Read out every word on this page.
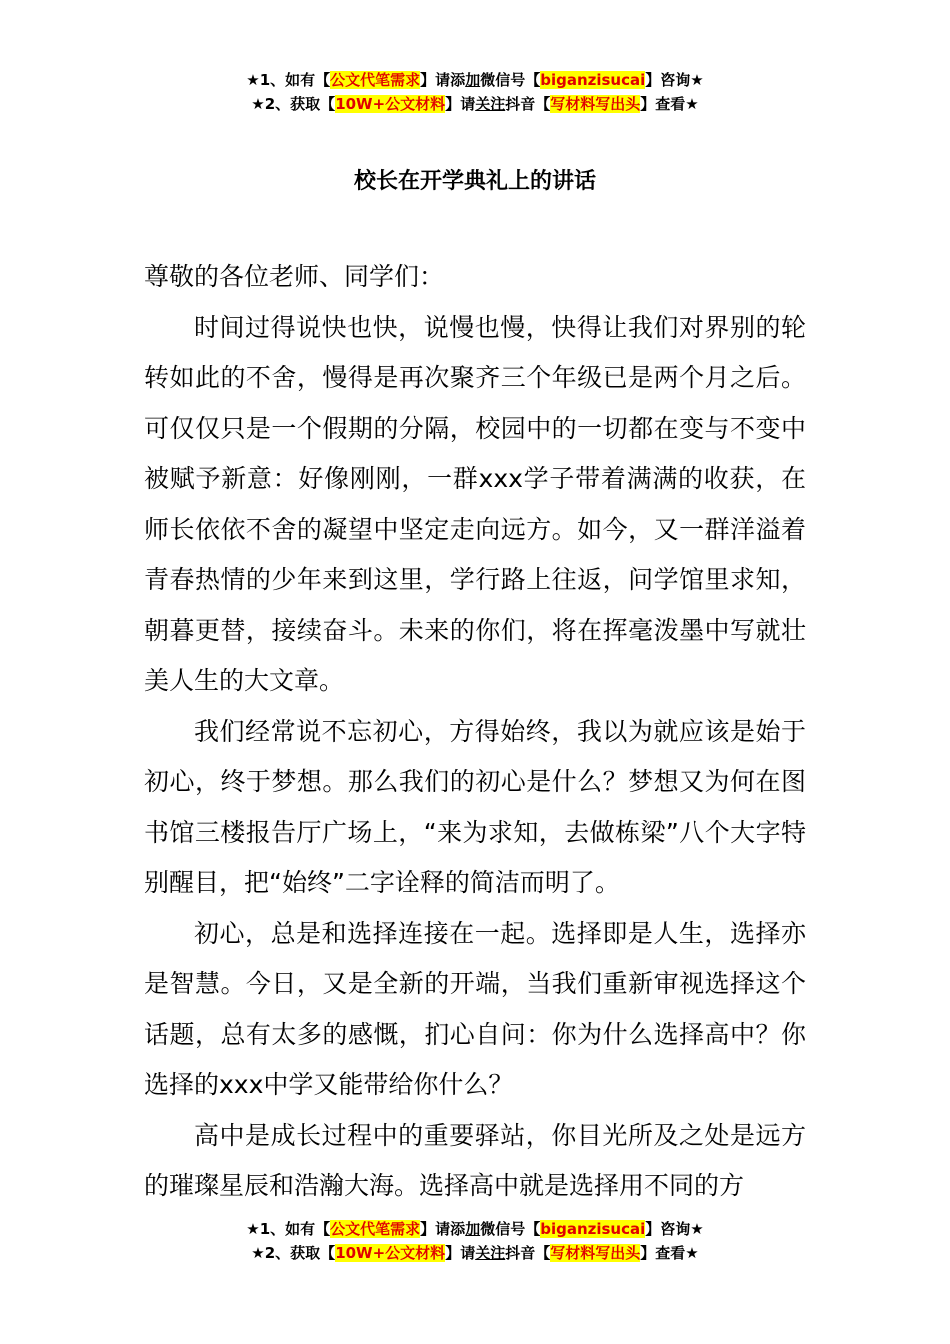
★1、如有【公文代笔需求】请添加微信号【biganzisucai】咨询★
★2、获取【10W+公文材料】请关注抖音【写材料写出头】查看★
校长在开学典礼上的讲话

尊敬的各位老师、同学们：

时间过得说快也快，说慢也慢，快得让我们对界别的轮转如此的不舍，慢得是再次聚齐三个年级已是两个月之后。可仅仅只是一个假期的分隔，校园中的一切都在变与不变中被赋予新意：好像刚刚，一群xxx学子带着满满的收获，在师长依依不舍的凝望中坚定走向远方。如今，又一群洋溢着青春热情的少年来到这里，学行路上往返，问学馆里求知，朝暮更替，接续奋斗。未来的你们，将在挥毫泼墨中写就壮美人生的大文章。

我们经常说不忘初心，方得始终，我以为就应该是始于初心，终于梦想。那么我们的初心是什么？梦想又为何在图书馆三楼报告厅广场上，“来为求知，去做栋梁”八个大字特别醒目，把“始终”二字诠释的简洁而明了。

初心，总是和选择连接在一起。选择即是人生，选择亦是智慧。今日，又是全新的开端，当我们重新审视选择这个话题，总有太多的感慨，扪心自问：你为什么选择高中？你选择的xxx中学又能带给你什么？

高中是成长过程中的重要驿站，你目光所及之处是远方的璀璨星辰和浩瀚大海。选择高中就是选择用不同的方

★1、如有【公文代笔需求】请添加微信号【biganzisucai】咨询★
★2、获取【10W+公文材料】请关注抖音【写材料写出头】查看★
